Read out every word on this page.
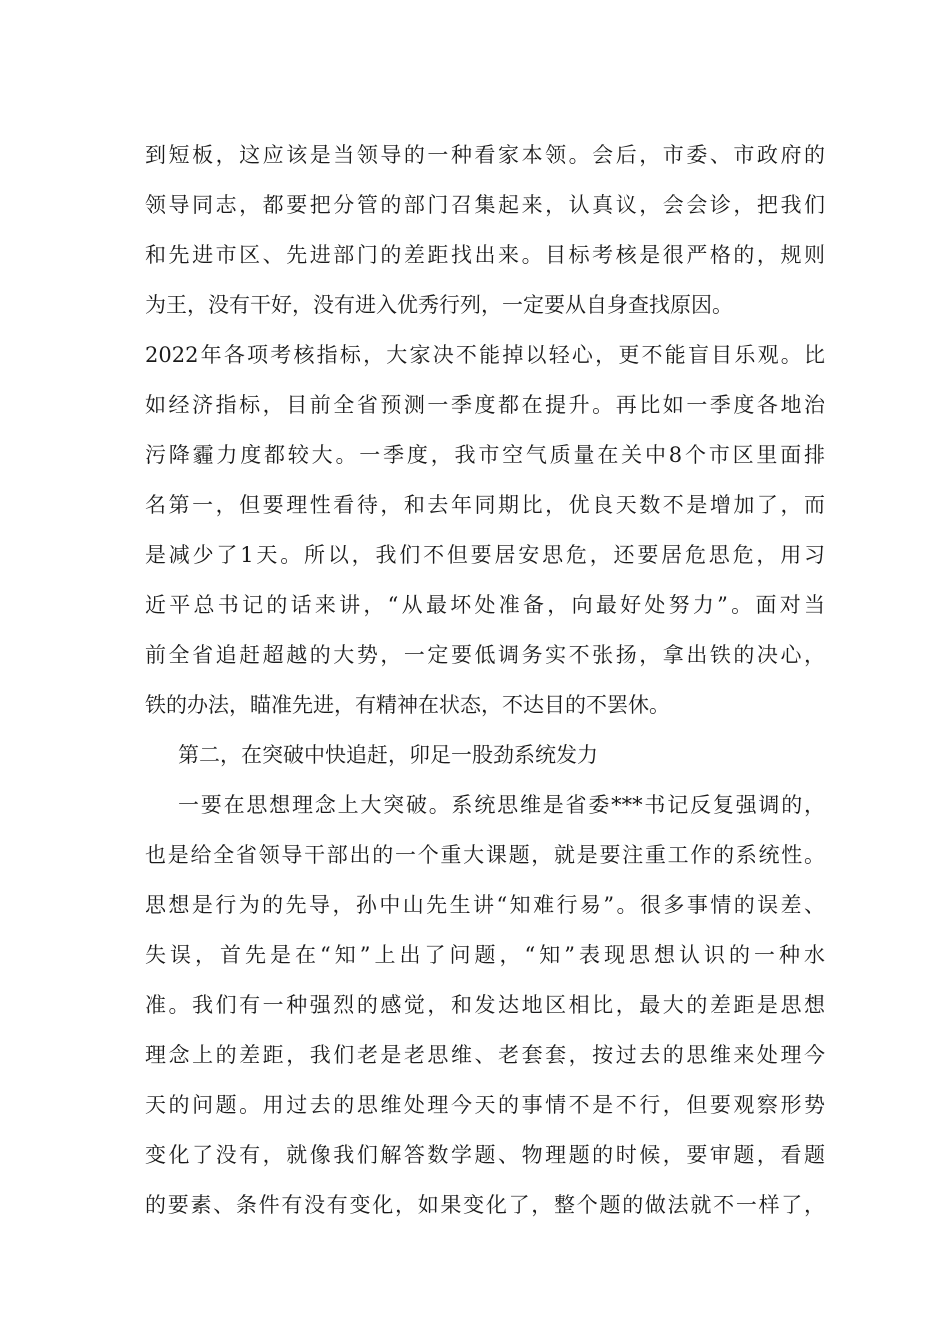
到短板，这应该是当领导的一种看家本领。会后，市委、市政府的
领导同志，都要把分管的部门召集起来，认真议，会会诊，把我们
和先进市区、先进部门的差距找出来。目标考核是很严格的，规则
为王，没有干好，没有进入优秀行列，一定要从自身查找原因。
2022年各项考核指标，大家决不能掉以轻心，更不能盲目乐观。比
如经济指标，目前全省预测一季度都在提升。再比如一季度各地治
污降霾力度都较大。一季度，我市空气质量在关中8个市区里面排
名第一，但要理性看待，和去年同期比，优良天数不是增加了，而
是减少了1天。所以，我们不但要居安思危，还要居危思危，用习
近平总书记的话来讲，“从最坏处准备，向最好处努力”。面对当
前全省追赶超越的大势，一定要低调务实不张扬，拿出铁的决心，
铁的办法，瞄准先进，有精神在状态，不达目的不罢休。
第二，在突破中快追赶，卯足一股劲系统发力
一要在思想理念上大突破。系统思维是省委***书记反复强调的，
也是给全省领导干部出的一个重大课题，就是要注重工作的系统性。
思想是行为的先导，孙中山先生讲“知难行易”。很多事情的误差、
失误，首先是在“知”上出了问题，“知”表现思想认识的一种水
准。我们有一种强烈的感觉，和发达地区相比，最大的差距是思想
理念上的差距，我们老是老思维、老套套，按过去的思维来处理今
天的问题。用过去的思维处理今天的事情不是不行，但要观察形势
变化了没有，就像我们解答数学题、物理题的时候，要审题，看题
的要素、条件有没有变化，如果变化了，整个题的做法就不一样了，
